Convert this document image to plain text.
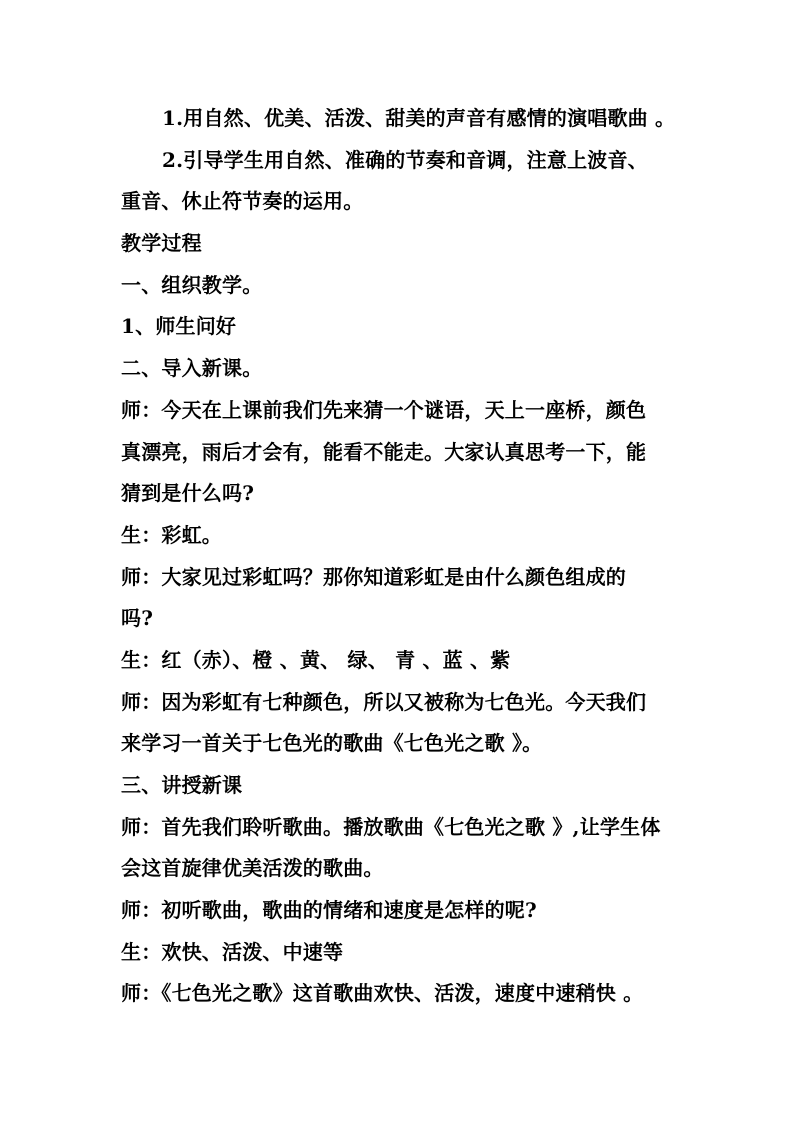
1.用自然、优美、活泼、甜美的声音有感情的演唱歌曲 。
2.引导学生用自然、准确的节奏和音调，注意上波音、
重音、休止符节奏的运用。
教学过程
一、组织教学。
1、师生问好
二、导入新课。
师：今天在上课前我们先来猜一个谜语，天上一座桥，颜色
真漂亮，雨后才会有，能看不能走。大家认真思考一下，能
猜到是什么吗?
生：彩虹。
师：大家见过彩虹吗？那你知道彩虹是由什么颜色组成的
吗?
生：红（赤）、橙 、黄、 绿、 青 、蓝 、紫
师：因为彩虹有七种颜色，所以又被称为七色光。今天我们
来学习一首关于七色光的歌曲《七色光之歌 》。
三、讲授新课
师：首先我们聆听歌曲。播放歌曲《七色光之歌 》,让学生体
会这首旋律优美活泼的歌曲。
师：初听歌曲，歌曲的情绪和速度是怎样的呢?
生：欢快、活泼、中速等
师：《七色光之歌》这首歌曲欢快、活泼，速度中速稍快 。
